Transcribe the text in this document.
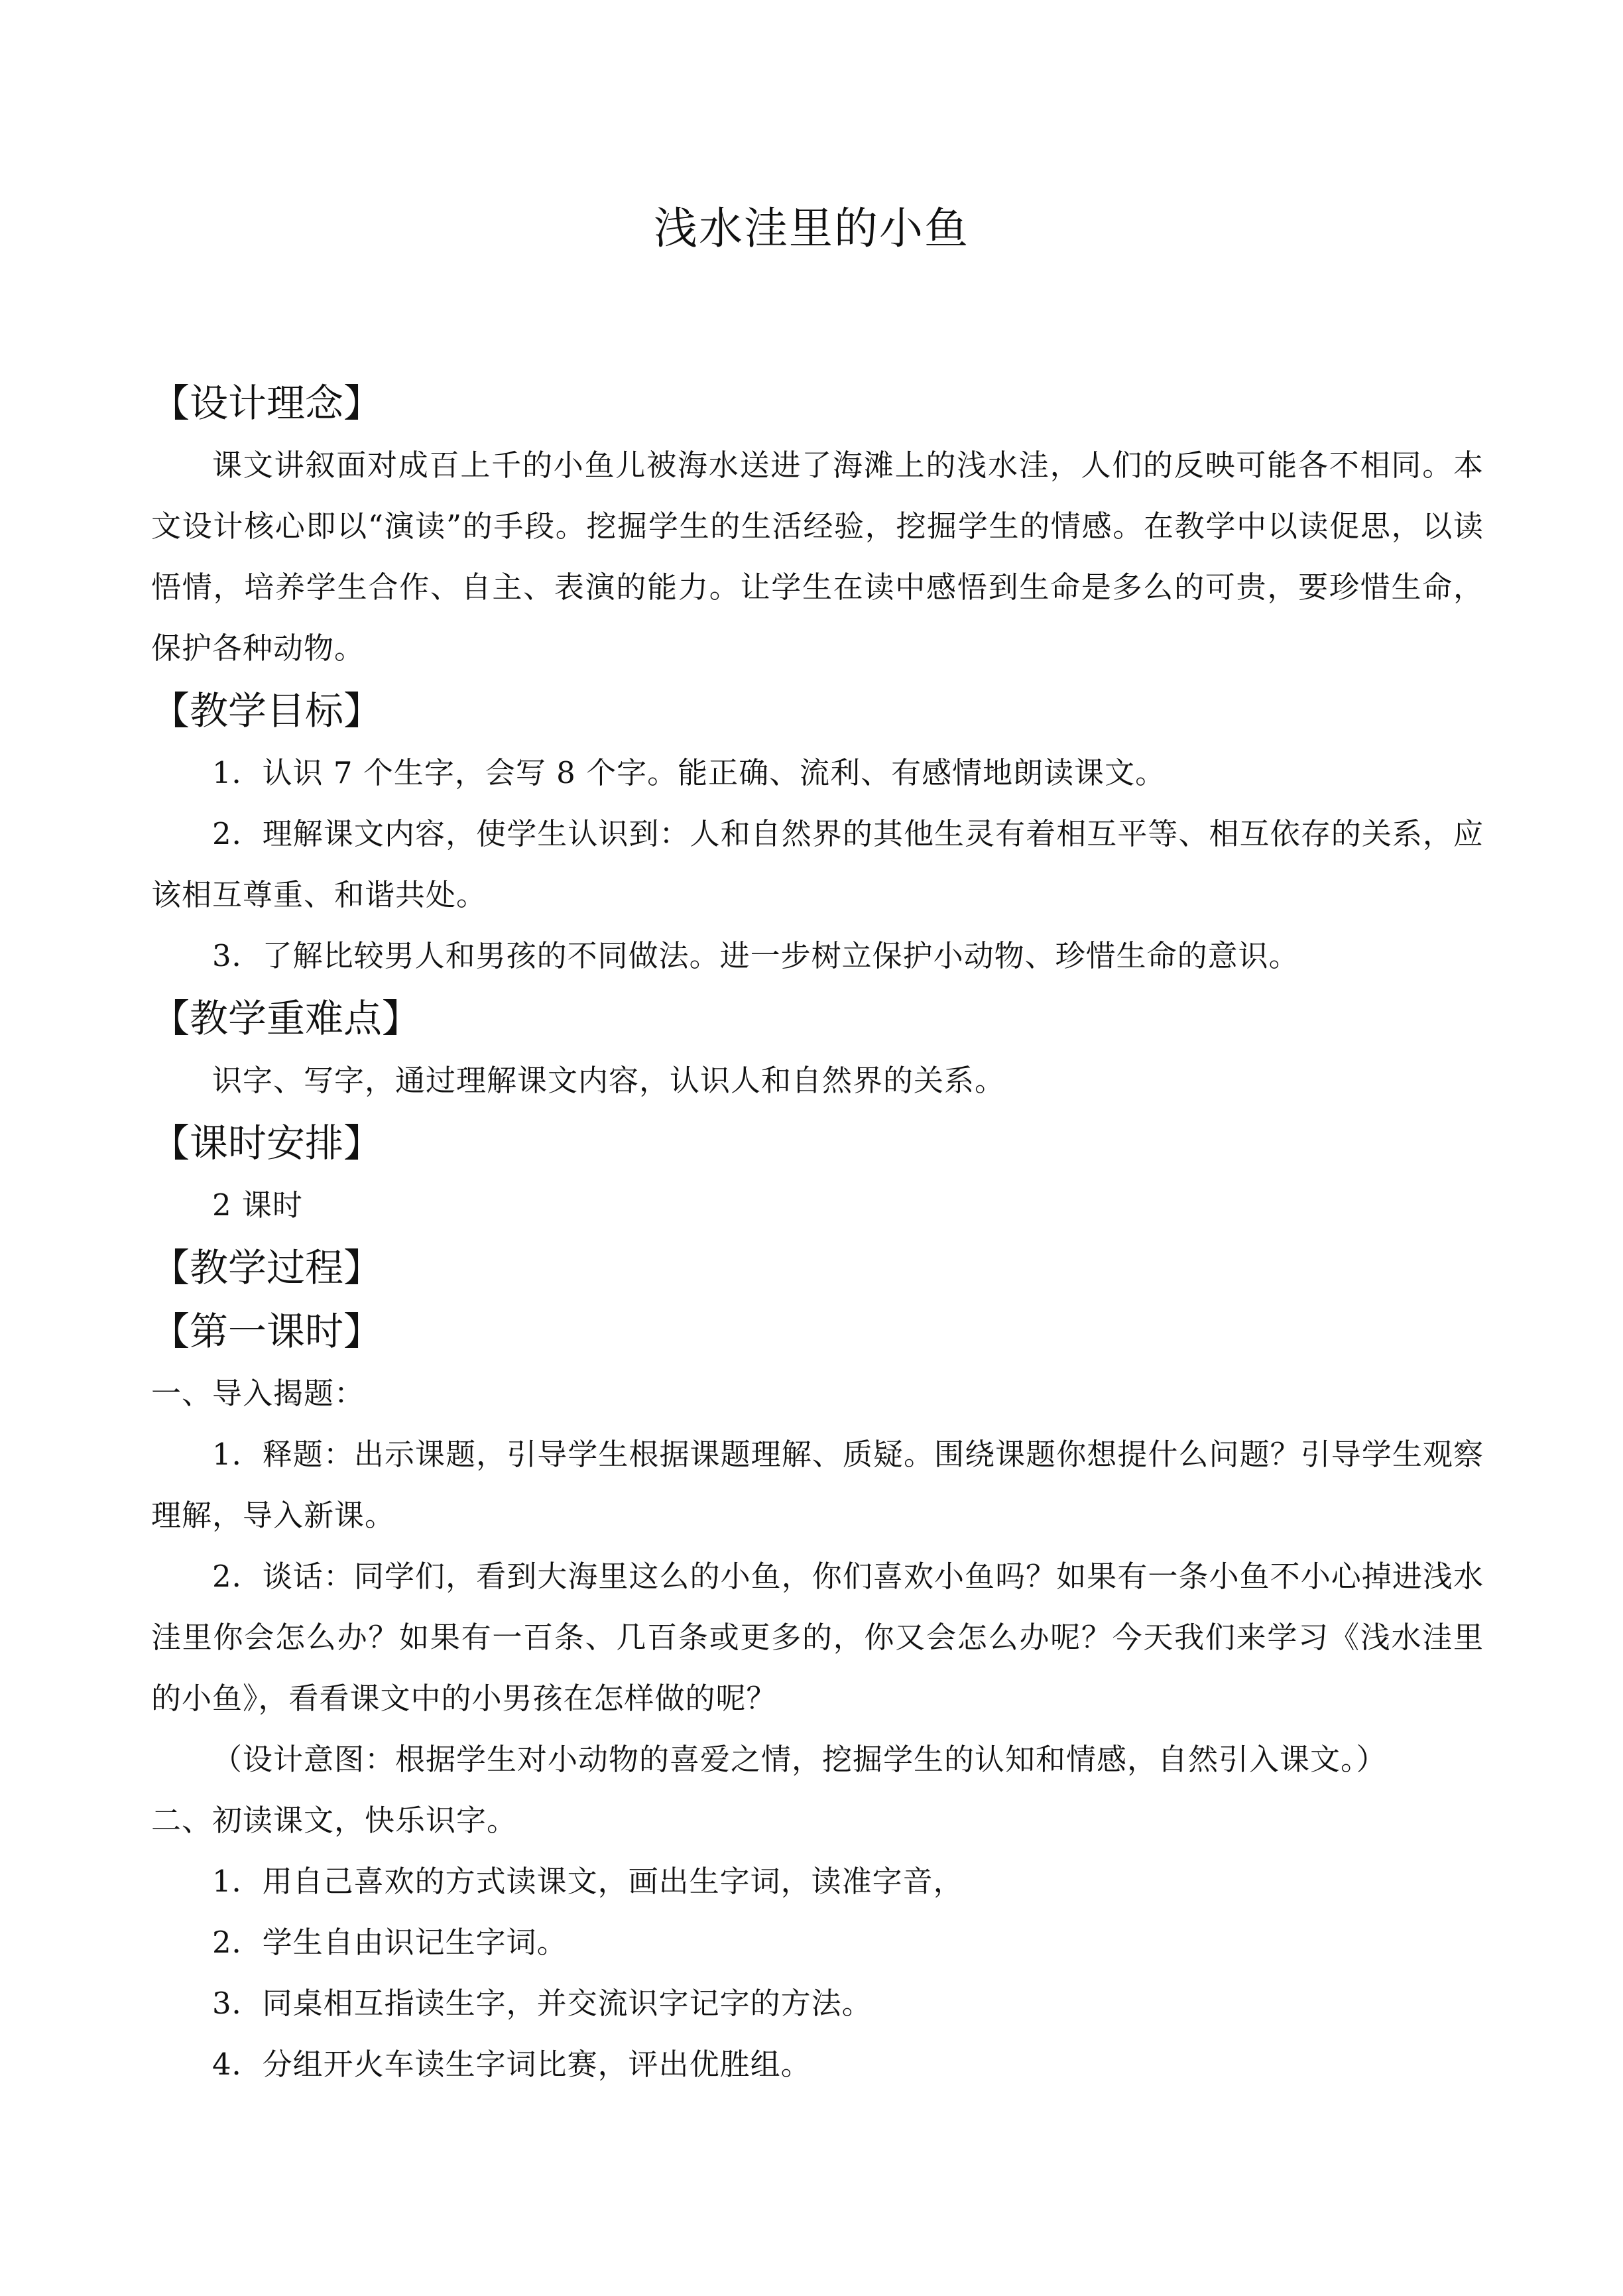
浅水洼里的小鱼
【设计理念】

课文讲叙面对成百上千的小鱼儿被海水送进了海滩上的浅水洼，人们的反映可能各不相同。本文设计核心即以“演读”的手段。挖掘学生的生活经验，挖掘学生的情感。在教学中以读促思，以读悟情，培养学生合作、自主、表演的能力。让学生在读中感悟到生命是多么的可贵，要珍惜生命，保护各种动物。

【教学目标】

1．认识 7 个生字，会写 8 个字。能正确、流利、有感情地朗读课文。

2．理解课文内容，使学生认识到：人和自然界的其他生灵有着相互平等、相互依存的关系，应该相互尊重、和谐共处。

3．了解比较男人和男孩的不同做法。进一步树立保护小动物、珍惜生命的意识。

【教学重难点】

识字、写字，通过理解课文内容，认识人和自然界的关系。

【课时安排】

2 课时

【教学过程】
【第一课时】

一、导入揭题：

1．释题：出示课题，引导学生根据课题理解、质疑。围绕课题你想提什么问题？引导学生观察理解，导入新课。

2．谈话：同学们，看到大海里这么的小鱼，你们喜欢小鱼吗？如果有一条小鱼不小心掉进浅水洼里你会怎么办？如果有一百条、几百条或更多的，你又会怎么办呢？今天我们来学习《浅水洼里的小鱼》，看看课文中的小男孩在怎样做的呢？

（设计意图：根据学生对小动物的喜爱之情，挖掘学生的认知和情感，自然引入课文。）

二、初读课文，快乐识字。

1．用自己喜欢的方式读课文，画出生字词，读准字音，

2．学生自由识记生字词。

3．同桌相互指读生字，并交流识字记字的方法。

4．分组开火车读生字词比赛，评出优胜组。
